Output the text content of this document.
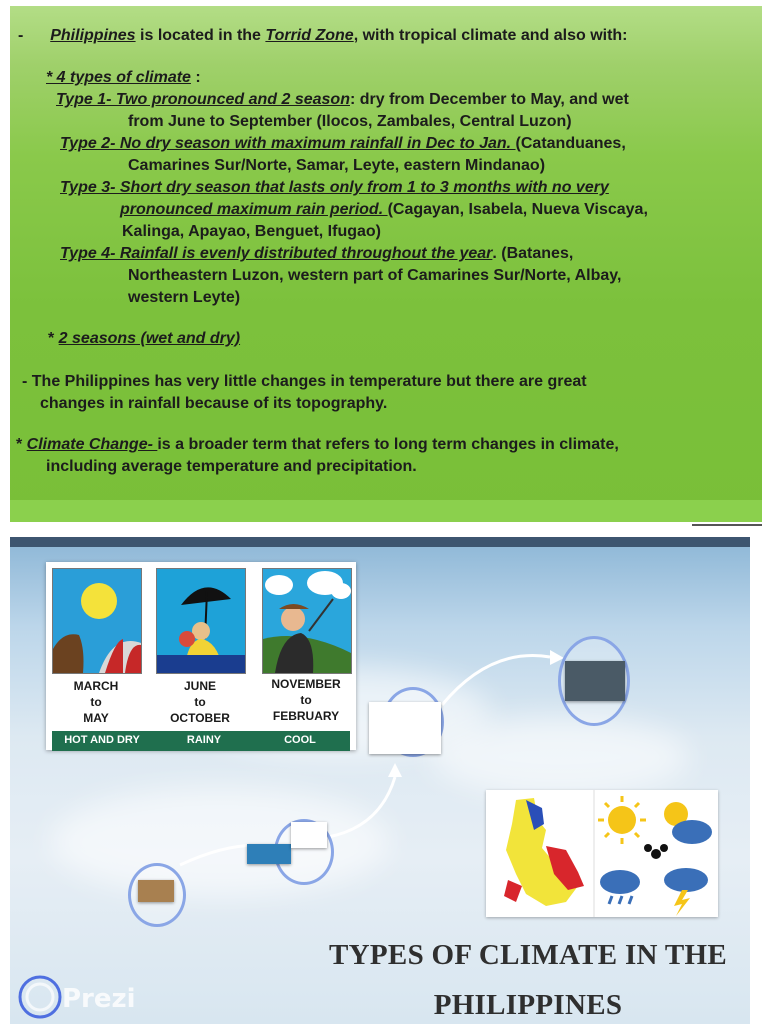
- Philippines is located in the Torrid Zone, with tropical climate and also with:
* 4 types of climate :
Type 1- Two pronounced and 2 season: dry from December to May, and wet
from June to September (Ilocos, Zambales, Central Luzon)
Type 2- No dry season with maximum rainfall in Dec to Jan. (Catanduanes,
Camarines Sur/Norte, Samar, Leyte, eastern Mindanao)
Type 3- Short dry season that lasts only from 1 to 3 months with no very
pronounced maximum rain period. (Cagayan, Isabela, Nueva Viscaya,
Kalinga, Apayao, Benguet, Ifugao)
Type 4- Rainfall is evenly distributed throughout the year. (Batanes,
Northeastern Luzon, western part of Camarines Sur/Norte, Albay,
western Leyte)
* 2 seasons (wet and dry)
- The Philippines has very little changes in temperature but there are great
changes in rainfall because of its topography.
* Climate Change- is a broader term that refers to long term changes in climate,
including average temperature and precipitation.
MARCH
to
MAY
JUNE
to
OCTOBER
NOVEMBER
to
FEBRUARY
HOT AND DRY	RAINY	COOL
TYPES OF CLIMATE IN THE
PHILIPPINES
Prezi
